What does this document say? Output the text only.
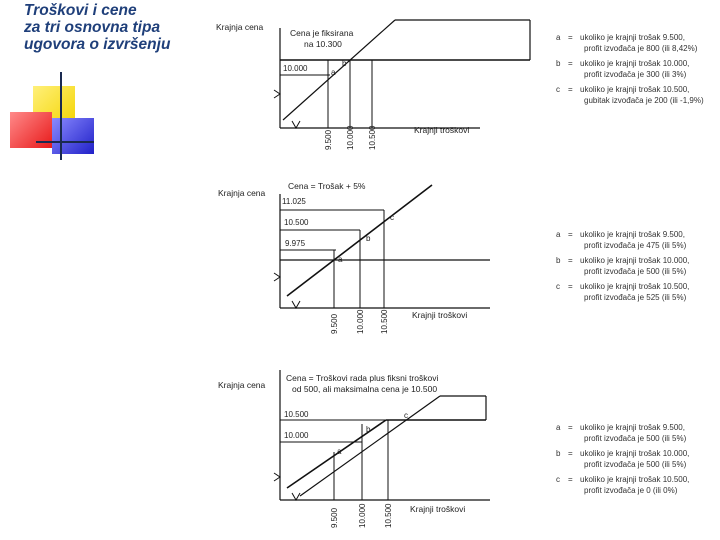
Troškovi i cene
za tri osnovna tipa
ugovora o izvršenju
Krajnja cena
Krajnji troškovi
Cena je fiksirana
na 10.300
10.000
9.500 10.000 10.500
a
b
Krajnja cena
Krajnji troškovi
Cena = Trošak + 5%
11.025
10.500
9.975
9.500 10.000 10.500
a
b
c
Krajnja cena
Krajnji troškovi
Cena = Troškovi rada plus fiksni troškovi
od 500, ali maksimalna cena je 10.500
10.500
10.000
9.500 10.000 10.500
a
b
c
a = ukoliko je krajnji trošak 9.500,
profit izvođača je 800 (ili 8,42%)
b = ukoliko je krajnji trošak 10.000,
profit izvođača je 300 (ili 3%)
c = ukoliko je krajnji trošak 10.500,
gubitak izvođača je 200 (ili -1,9%)
a = ukoliko je krajnji trošak 9.500,
profit izvođača je 475 (ili 5%)
b = ukoliko je krajnji trošak 10.000,
profit izvođača je 500 (ili 5%)
c = ukoliko je krajnji trošak 10.500,
profit izvođača je 525 (ili 5%)
a = ukoliko je krajnji trošak 9.500,
profit izvođača je 500 (ili 5%)
b = ukoliko je krajnji trošak 10.000,
profit izvođača je 500 (ili 5%)
c = ukoliko je krajnji trošak 10.500,
profit izvođača je 0 (ili 0%)
